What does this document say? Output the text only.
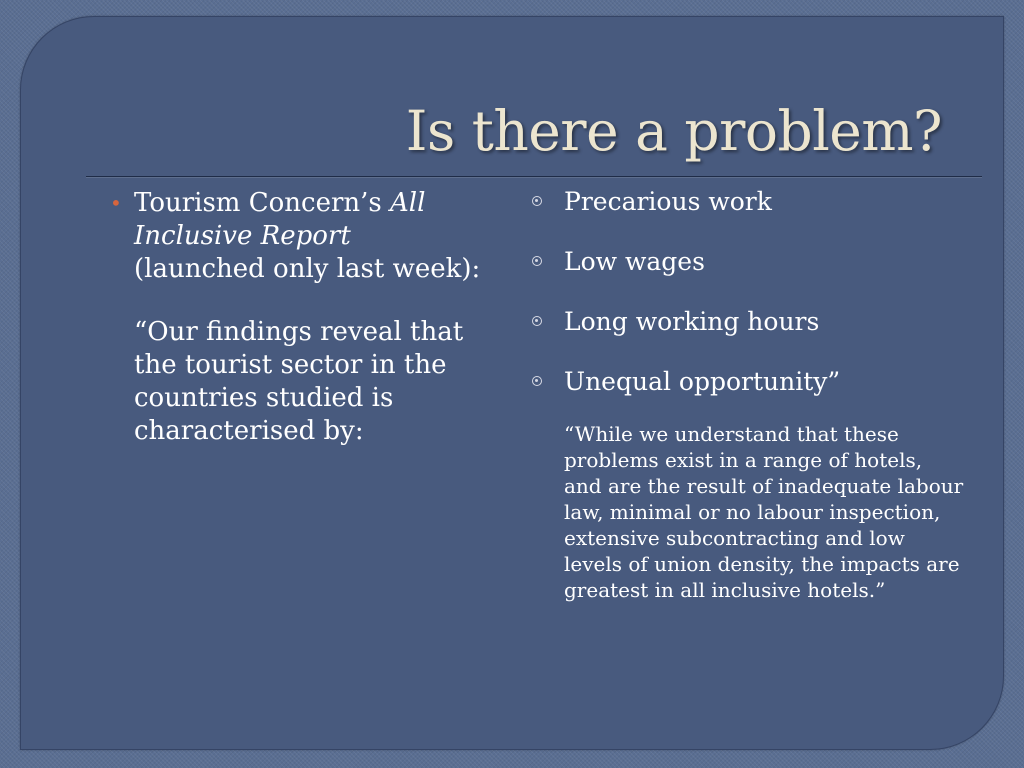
Is there a problem?

• Tourism Concern’s All Inclusive Report (launched only last week):

“Our findings reveal that the tourist sector in the countries studied is characterised by:

Precarious work
Low wages
Long working hours
Unequal opportunity”

“While we understand that these problems exist in a range of hotels, and are the result of inadequate labour law, minimal or no labour inspection, extensive subcontracting and low levels of union density, the impacts are greatest in all inclusive hotels.”
